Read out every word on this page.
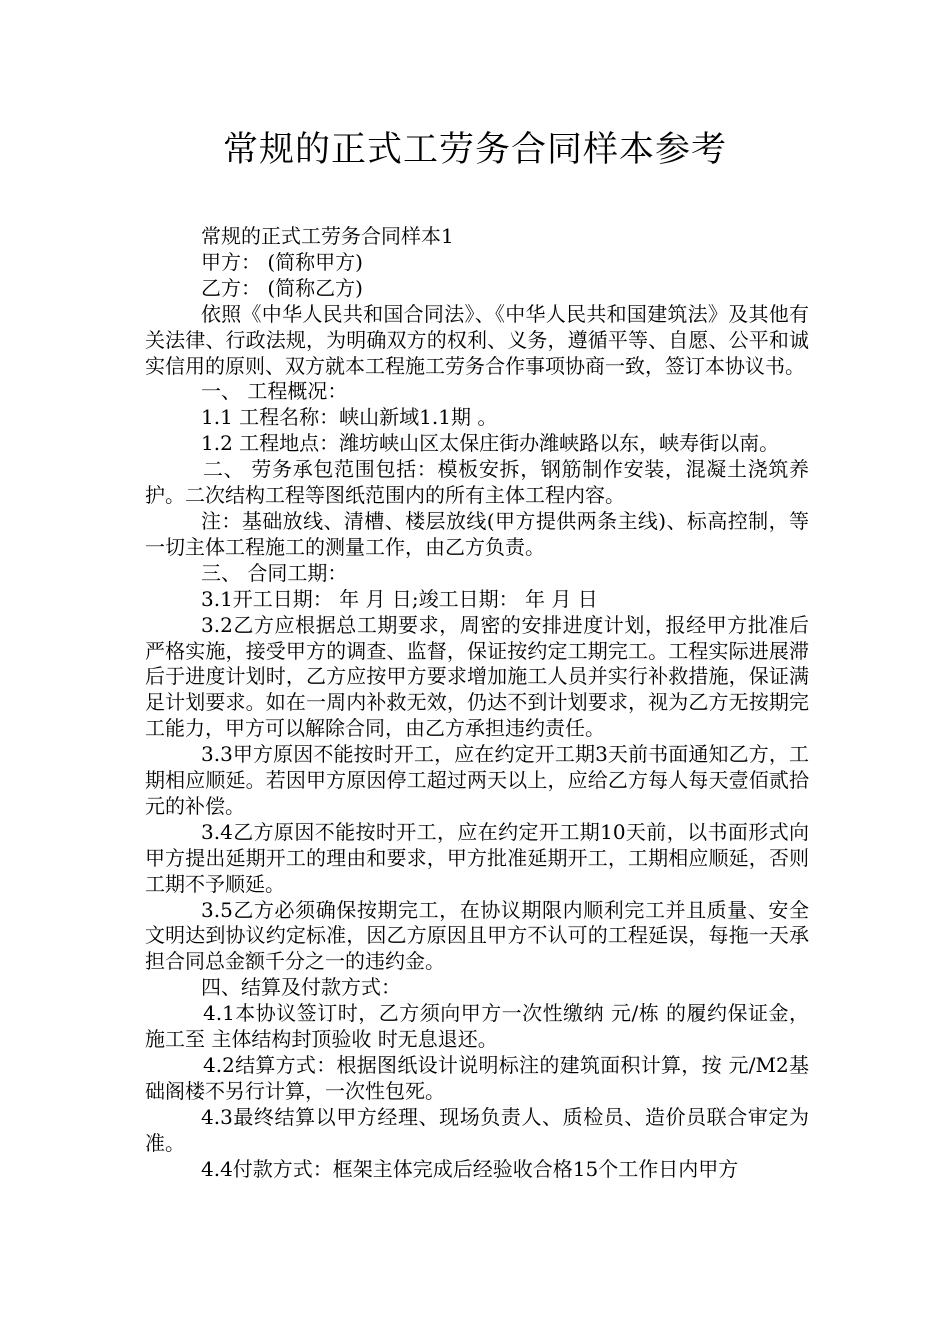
常规的正式工劳务合同样本参考

常规的正式工劳务合同样本1

甲方： (简称甲方)

乙方： (简称乙方)

依照《中华人民共和国合同法》、《中华人民共和国建筑法》及其他有关法律、行政法规，为明确双方的权利、义务，遵循平等、自愿、公平和诚实信用的原则、双方就本工程施工劳务合作事项协商一致，签订本协议书。

一、 工程概况：

1.1 工程名称：峡山新域1.1期 。

1.2 工程地点：潍坊峡山区太保庄街办潍峡路以东，峡寿街以南。

二、 劳务承包范围包括：模板安拆，钢筋制作安装，混凝土浇筑养护。二次结构工程等图纸范围内的所有主体工程内容。

注：基础放线、清槽、楼层放线(甲方提供两条主线)、标高控制，等一切主体工程施工的测量工作，由乙方负责。

三、 合同工期：

3.1开工日期： 年 月 日;竣工日期： 年 月 日

3.2乙方应根据总工期要求，周密的安排进度计划，报经甲方批准后严格实施，接受甲方的调查、监督，保证按约定工期完工。工程实际进展滞后于进度计划时，乙方应按甲方要求增加施工人员并实行补救措施，保证满足计划要求。如在一周内补救无效，仍达不到计划要求，视为乙方无按期完工能力，甲方可以解除合同，由乙方承担违约责任。

3.3甲方原因不能按时开工，应在约定开工期3天前书面通知乙方，工期相应顺延。若因甲方原因停工超过两天以上，应给乙方每人每天壹佰贰拾元的补偿。

3.4乙方原因不能按时开工，应在约定开工期10天前，以书面形式向甲方提出延期开工的理由和要求，甲方批准延期开工，工期相应顺延，否则工期不予顺延。

3.5乙方必须确保按期完工，在协议期限内顺利完工并且质量、安全文明达到协议约定标准，因乙方原因且甲方不认可的工程延误，每拖一天承担合同总金额千分之一的违约金。

四、结算及付款方式：

4.1本协议签订时，乙方须向甲方一次性缴纳 元/栋 的履约保证金，施工至 主体结构封顶验收 时无息退还。

4.2结算方式：根据图纸设计说明标注的建筑面积计算，按 元/M2基础阁楼不另行计算，一次性包死。

4.3最终结算以甲方经理、现场负责人、质检员、造价员联合审定为准。

4.4付款方式：框架主体完成后经验收合格15个工作日内甲方
